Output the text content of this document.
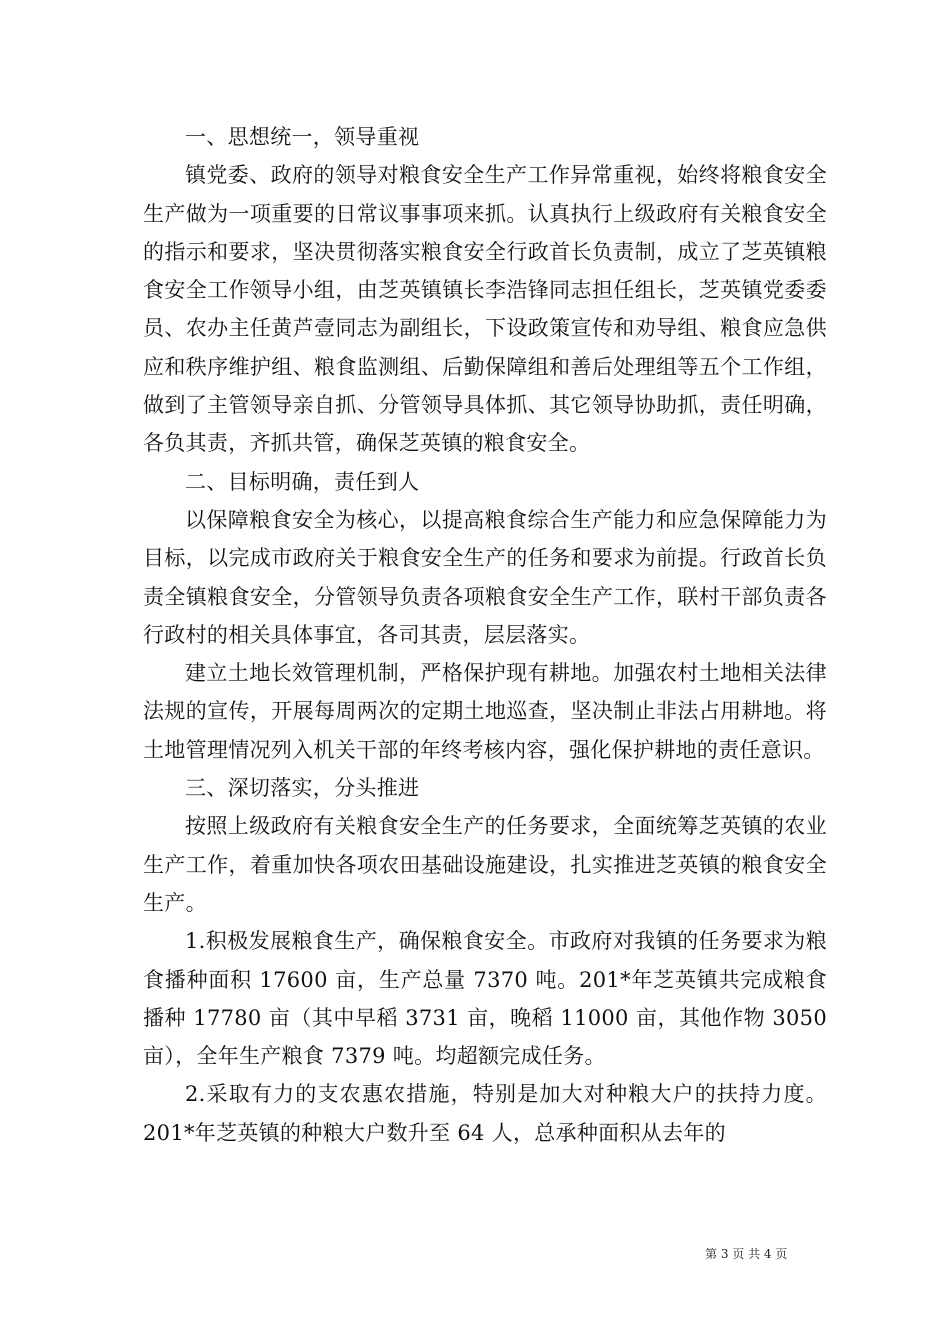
一、思想统一，领导重视

镇党委、政府的领导对粮食安全生产工作异常重视，始终将粮食安全生产做为一项重要的日常议事事项来抓。认真执行上级政府有关粮食安全的指示和要求，坚决贯彻落实粮食安全行政首长负责制，成立了芝英镇粮食安全工作领导小组，由芝英镇镇长李浩锋同志担任组长，芝英镇党委委员、农办主任黄芦壹同志为副组长，下设政策宣传和劝导组、粮食应急供应和秩序维护组、粮食监测组、后勤保障组和善后处理组等五个工作组，做到了主管领导亲自抓、分管领导具体抓、其它领导协助抓，责任明确，各负其责，齐抓共管，确保芝英镇的粮食安全。

二、目标明确，责任到人

以保障粮食安全为核心，以提高粮食综合生产能力和应急保障能力为目标，以完成市政府关于粮食安全生产的任务和要求为前提。行政首长负责全镇粮食安全，分管领导负责各项粮食安全生产工作，联村干部负责各行政村的相关具体事宜，各司其责，层层落实。

建立土地长效管理机制，严格保护现有耕地。加强农村土地相关法律法规的宣传，开展每周两次的定期土地巡查，坚决制止非法占用耕地。将土地管理情况列入机关干部的年终考核内容，强化保护耕地的责任意识。

三、深切落实，分头推进

按照上级政府有关粮食安全生产的任务要求，全面统筹芝英镇的农业生产工作，着重加快各项农田基础设施建设，扎实推进芝英镇的粮食安全生产。

1.积极发展粮食生产，确保粮食安全。市政府对我镇的任务要求为粮食播种面积 17600 亩，生产总量 7370 吨。201*年芝英镇共完成粮食播种 17780 亩（其中早稻 3731 亩，晚稻 11000 亩，其他作物 3050 亩），全年生产粮食 7379 吨。均超额完成任务。

2.采取有力的支农惠农措施，特别是加大对种粮大户的扶持力度。201*年芝英镇的种粮大户数升至 64 人，总承种面积从去年的

第 3 页 共 4 页
